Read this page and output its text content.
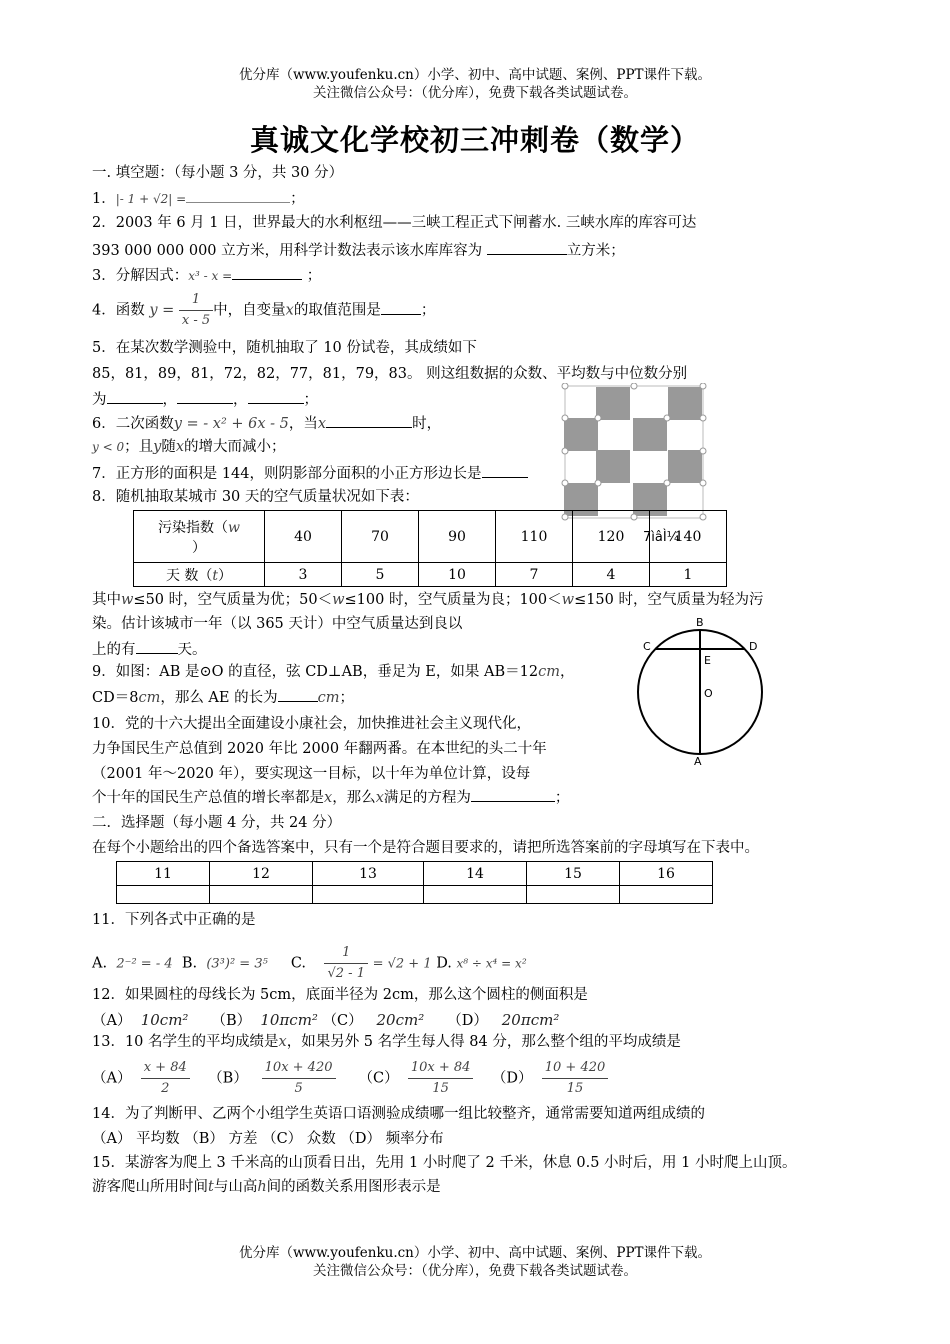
优分库（www.youfenku.cn）小学、初中、高中试题、案例、PPT课件下载。
关注微信公众号：（优分库），免费下载各类试题试卷。
真诚文化学校初三冲刺卷（数学）
一. 填空题：（每小题 3 分，共 30 分）
1．|- 1 + √2| =	；
2．2003 年 6 月 1 日，世界最大的水利枢纽——三峡工程正式下闸蓄水. 三峡水库的库容可达
393 000 000 000 立方米，用科学计数法表示该水库库容为	立方米；
3．分解因式：x³ - x =	；
4．函数 $y = \frac{1}{x - 5}$ 中，自变量x的取值范围是	；
5．在某次数学测验中，随机抽取了 10 份试卷，其成绩如下
85，81，89，81，72，82，77，81，79，83。 则这组数据的众数、平均数与中位数分别
为	，	，	；
6．二次函数y = - x² + 6x - 5，当x	时，
y < 0；且y随x的增大而减小；
7．正方形的面积是 144，则阴影部分面积的小正方形边长是
8．随机抽取某城市 30 天的空气质量状况如下表：
污染指数（w
）	40	70	90	110	120	140
天 数（t）	3	5	10	7	4	1
7ìâÌ¼
其中w≤50 时，空气质量为优；50＜w≤100 时，空气质量为良；100＜w≤150 时，空气质量为轻为污
染。估计该城市一年（以 365 天计）中空气质量达到良以
上的有	天。
9．如图：AB 是⊙O 的直径，弦 CD⊥AB，垂足为 E，如果 AB＝12cm，
CD＝8cm，那么 AE 的长为	cm；
B
C	D
E
O
A
10．党的十六大提出全面建设小康社会，加快推进社会主义现代化，
力争国民生产总值到 2020 年比 2000 年翻两番。在本世纪的头二十年
（2001 年～2020 年），要实现这一目标，以十年为单位计算，设每
个十年的国民生产总值的增长率都是x，那么x满足的方程为	；
二．选择题（每小题 4 分，共 24 分）
在每个小题给出的四个备选答案中，只有一个是符合题目要求的，请把所选答案前的字母填写在下表中。
11	12	13	14	15	16

11．下列各式中正确的是
A. 2⁻² = - 4 B. (3³)² = 3⁵ C. $\frac{1}{√2 - 1} = √2 + 1$ D. x⁸ ÷ x⁴ = x²
12．如果圆柱的母线长为 5cm，底面半径为 2cm，那么这个圆柱的侧面积是
（A） 10cm² （B） 10πcm² （C） 20cm² （D） 20πcm²
13．10 名学生的平均成绩是x，如果另外 5 名学生每人得 84 分，那么整个组的平均成绩是
$(A) \frac{x + 84}{2} (B) \frac{10x + 420}{5} (C) \frac{10x + 84}{15} (D) \frac{10 + 420}{15}$
14．为了判断甲、乙两个小组学生英语口语测验成绩哪一组比较整齐，通常需要知道两组成绩的
（A） 平均数 （B） 方差 （C） 众数 （D） 频率分布
15．某游客为爬上 3 千米高的山顶看日出，先用 1 小时爬了 2 千米，休息 0.5 小时后，用 1 小时爬上山顶。
游客爬山所用时间t与山高h间的函数关系用图形表示是
优分库（www.youfenku.cn）小学、初中、高中试题、案例、PPT课件下载。
关注微信公众号：（优分库），免费下载各类试题试卷。
